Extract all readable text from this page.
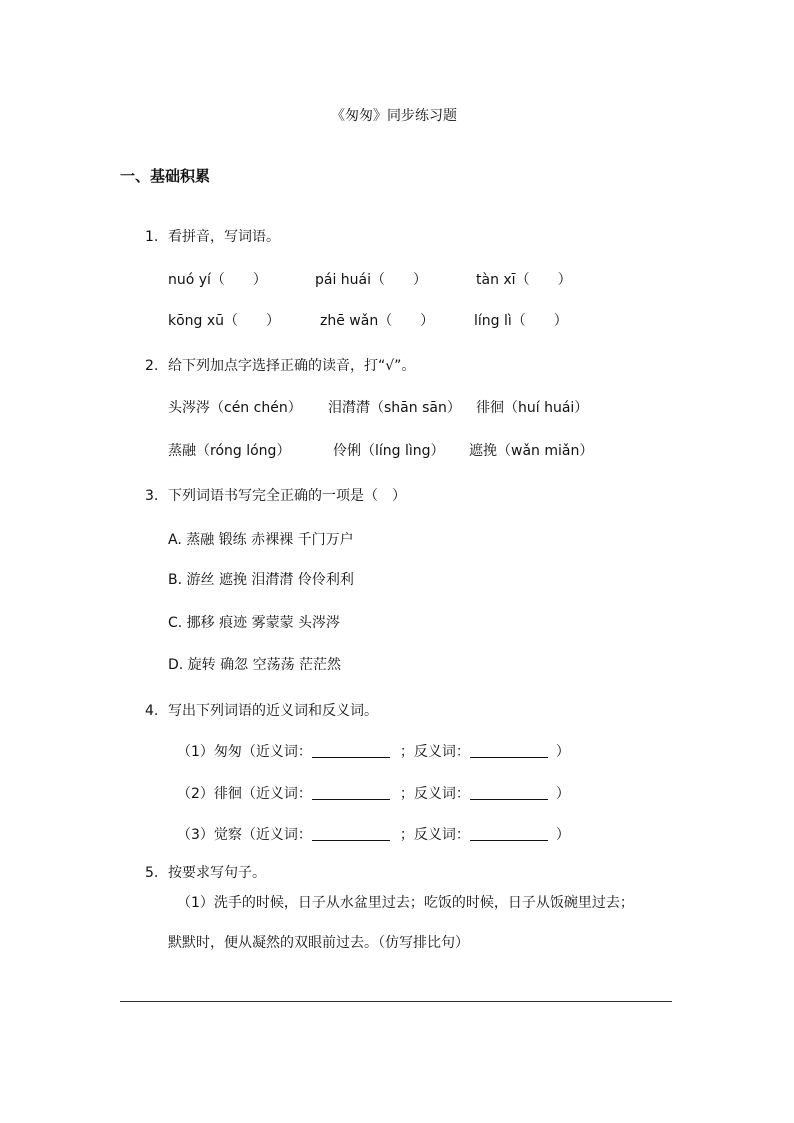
《匆匆》同步练习题
一、基础积累
1. 看拼音，写词语。
nuó yí（　　）	pái huái（　　）	tàn xī（　　）
kōng xū（　　）	zhē wǎn（　　）	líng lì（　　）
2. 给下列加点字选择正确的读音，打“√”。
头涔涔（cén chén） 泪潸潸（shān sān） 徘徊（huí huái）
蒸融（róng lóng）	伶俐（líng lìng） 遮挽（wǎn miǎn）
3. 下列词语书写完全正确的一项是（　）
A. 蒸融 锻练 赤裸裸 千门万户
B. 游丝 遮挽 泪潸潸 伶伶利利
C. 挪移 痕迹 雾蒙蒙 头涔涔
D. 旋转 确忽 空荡荡 茫茫然
4. 写出下列词语的近义词和反义词。
（1）匆匆（近义词：	；反义词：	）
（2）徘徊（近义词：	；反义词：	）
（3）觉察（近义词：	；反义词：	）
5. 按要求写句子。
（1）洗手的时候，日子从水盆里过去；吃饭的时候，日子从饭碗里过去；
默默时，便从凝然的双眼前过去。（仿写排比句）
